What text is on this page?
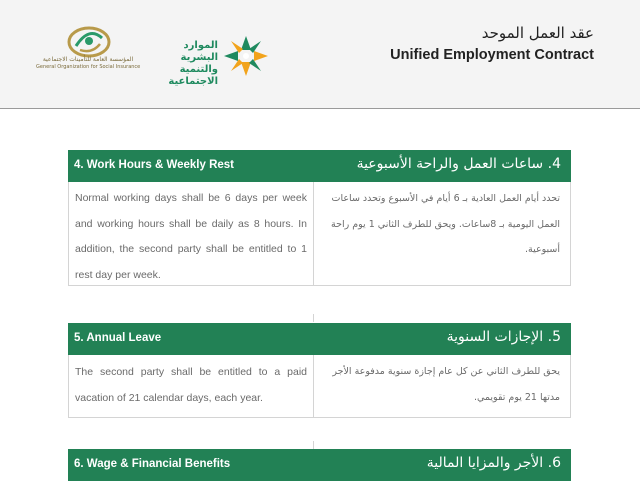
المؤسسة العامة للتأمينات الاجتماعية
General Organization for Social Insurance
الموارد البشرية
والتنمية الاجتماعية
عقد العمل الموحد
Unified Employment Contract
4. Work Hours & Weekly Rest	4. ساعات العمل والراحة الأسبوعية
Normal working days shall be 6 days per week and working hours shall be daily as 8 hours. In addition, the second party shall be entitled to 1 rest day per week.
تحدد أيام العمل العادية بـ 6 أيام في الأسبوع وتحدد ساعات العمل اليومية بـ 8ساعات. ويحق للطرف الثاني 1 يوم راحة أسبوعية.
5. Annual Leave	5. الإجازات السنوية
The second party shall be entitled to a paid vacation of 21 calendar days, each year.
يحق للطرف الثاني عن كل عام إجازة سنوية مدفوعة الأجر مدتها 21 يوم تقويمي.
6. Wage & Financial Benefits	6. الأجر والمزايا المالية
